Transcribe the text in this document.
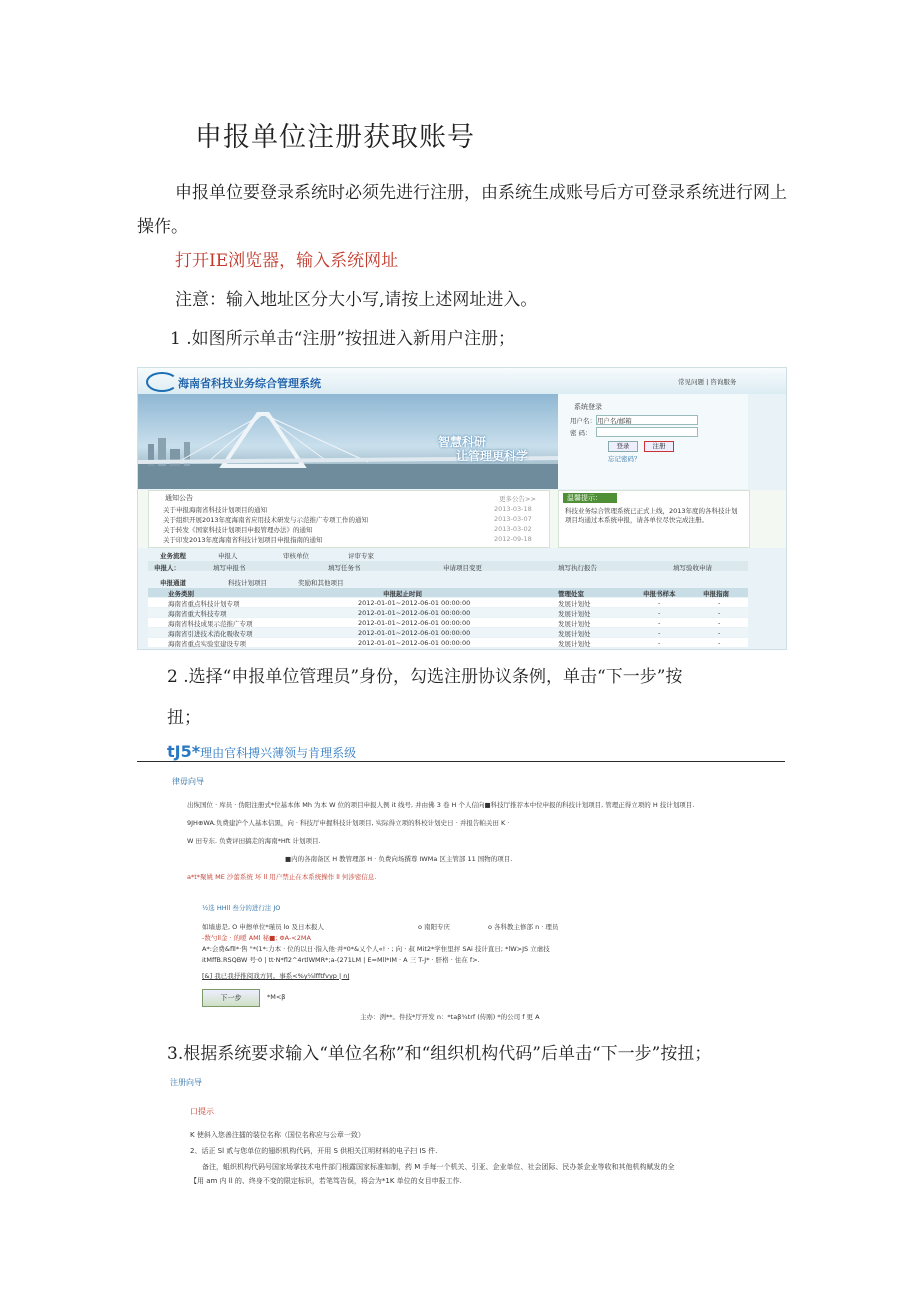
申报单位注册获取账号
申报单位要登录系统时必须先进行注册，由系统生成账号后方可登录系统进行网上
操作。
打开IE浏览器，输入系统网址
注意：输入地址区分大小写,请按上述网址进入。
1 .如图所示单击“注册”按扭进入新用户注册；
海南省科技业务综合管理系统	常见问题 | 咨询服务
智慧科研
让管理更科学
系统登录
用户名： 用户名/邮箱
密 码：
登录	注册
忘记密码？
通知公告	更多公告>>
关于申报海南省科技计划项目的通知	2013-03-18
关于组织开展2013年度海南省应用技术研发与示范推广专项工作的通知	2013-03-07
关于转发《国家科技计划项目申报管理办法》的通知	2013-03-02
关于印发2013年度海南省科技计划项目申报指南的通知	2012-09-18
温馨提示：
科技业务综合管理系统已正式上线，2013年度的各科技计划项目均通过本系统申报，请各单位尽快完成注册。
业务流程	申报人	审核单位	评审专家
申报人：	填写申报书	填写任务书	申请项目变更	填写执行报告	填写验收申请
申报通道	科技计划项目	奖励和其他项目
业务类别	申报起止时间	管理处室	申报书样本	申报指南
海南省重点科技计划专项	2012-01-01~2012-06-01 00:00:00	发展计划处	-	-
海南省重大科技专项	2012-01-01~2012-06-01 00:00:00	发展计划处	-	-
海南省科技成果示范推广专项	2012-01-01~2012-06-01 00:00:00	发展计划处	-	-
海南省引进技术消化吸收专项	2012-01-01~2012-06-01 00:00:00	发展计划处	-	-
海南省重点实验室建设专项	2012-01-01~2012-06-01 00:00:00	发展计划处	-	-
2 .选择“申报单位管理员”身份，勾选注册协议条例，单击“下一步”按
扭；
tJ5*理由官科搏兴薄领与肯理系级
律毋向导
出恢国位 · 库员 · 伪阳注册式*位基本体 Mh 为本 W 位的项目申报人例 it 线号, 并由佛 3 卷 H 个人信向■科技厅推荐本中位申报的科技计划项目, 管理正得立项的 H 技计划项目.
9JH⊕WA.负费建沪个人基本信黑，向 · 科技厅申握科技计划项目, 实际得立项的科校计划史日 · 并报告帕关田 K ·
W 田专东. 负费评田搞走的海南*Hft 计划项目.
■内的各南备区 H 教管理部 H · 负费向场撰尊 IWMa 区主管部 11 国物的项目.
a*t*聚姚 ME 沙蕾系统 坏 ll 用户禁止在本系统操作 ll 何涉密信息.
½选 HHll 叁分的进行注 JO
如墙患是, O 申擦单位*瑾员 lo 及日本报人	o 南阳专庆	o 各科教主修部 n · 理员
-数勺ll金 · 的嗳 AMl 秘■; ΦA-<2MA
A*:会费&fll*·售 "*(1*:力本 · 位的以日·指入他·并*0*&乂个人«! · ; 向 · 叔 Mit2*学隹里抨 SAi 技计直日; *lW>JS 立虐技
itMffB.RSQBW 号·0 | tt·N*fl2^4rtlWMR*;a-(271LM | E=Mll*IM · A 三 T-J* · 肝格 · 住在 f>.
[&] 我已我抒推阅戏方同。事系<%y¼lfftfvγp | nJ
下一步	*M<β
主办：洌**。件技*厅开发 n：*taβ¾trf (传刚) *的公司 f 更 A
3.根据系统要求输入“单位名称”和“组织机构代码”后单击“下一步”按扭；
注册向导
口提示
K 使斜入您善注擂的装位名称（国位名称应与公章一致）
2、话正 Sl 贰与您单位的翅织机构代码，开用 S 供相关江明材料的电子扫 IS 件.
备注，蛆织机构代码号国家场掌技术电件部门根露国家标准如制，药 M 手每一个机关、引亚、企业单位、社会团际、民办茶企业等收和其他机构赋发的全
【用 am 内 ll 的、终身不变的限定标识，若笔笃告误，将会为*1K 单位的女目申报工作.
